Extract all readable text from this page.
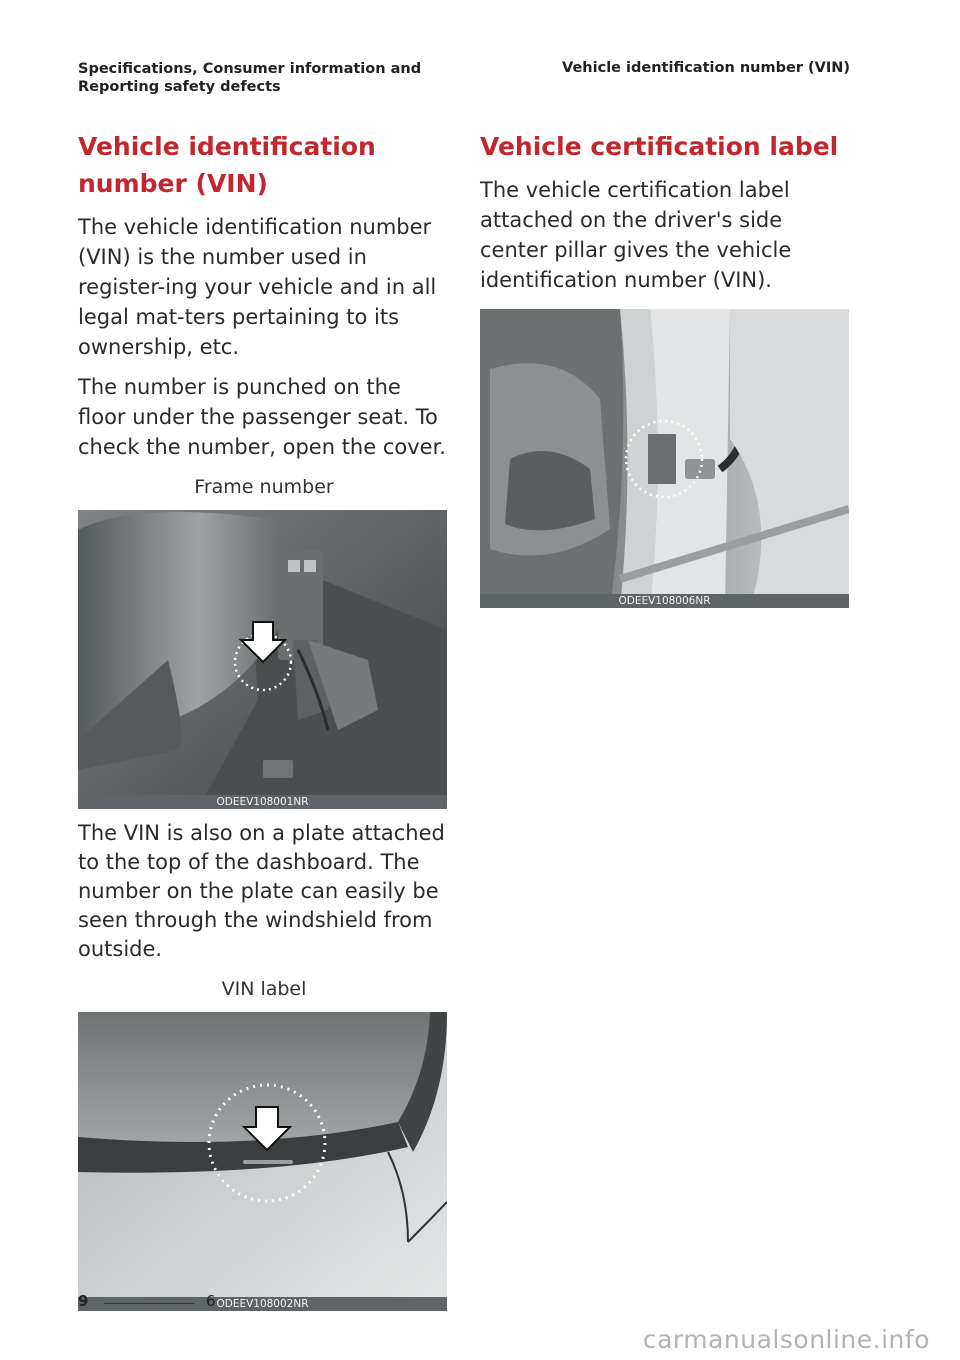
Specifications, Consumer information and Reporting safety defects
Vehicle identification number (VIN)
Vehicle identification number (VIN)

The vehicle identification number (VIN) is the number used in register-ing your vehicle and in all legal mat-ters pertaining to its ownership, etc.

The number is punched on the floor under the passenger seat. To check the number, open the cover.

Frame number
ODEEV108001NR

The VIN is also on a plate attached to the top of the dashboard. The number on the plate can easily be seen through the windshield from outside.

VIN label
ODEEV108002NR
Vehicle certification label

The vehicle certification label attached on the driver's side center pillar gives the vehicle identification number (VIN).

ODEEV108006NR
9	6
carmanualsonline.info
